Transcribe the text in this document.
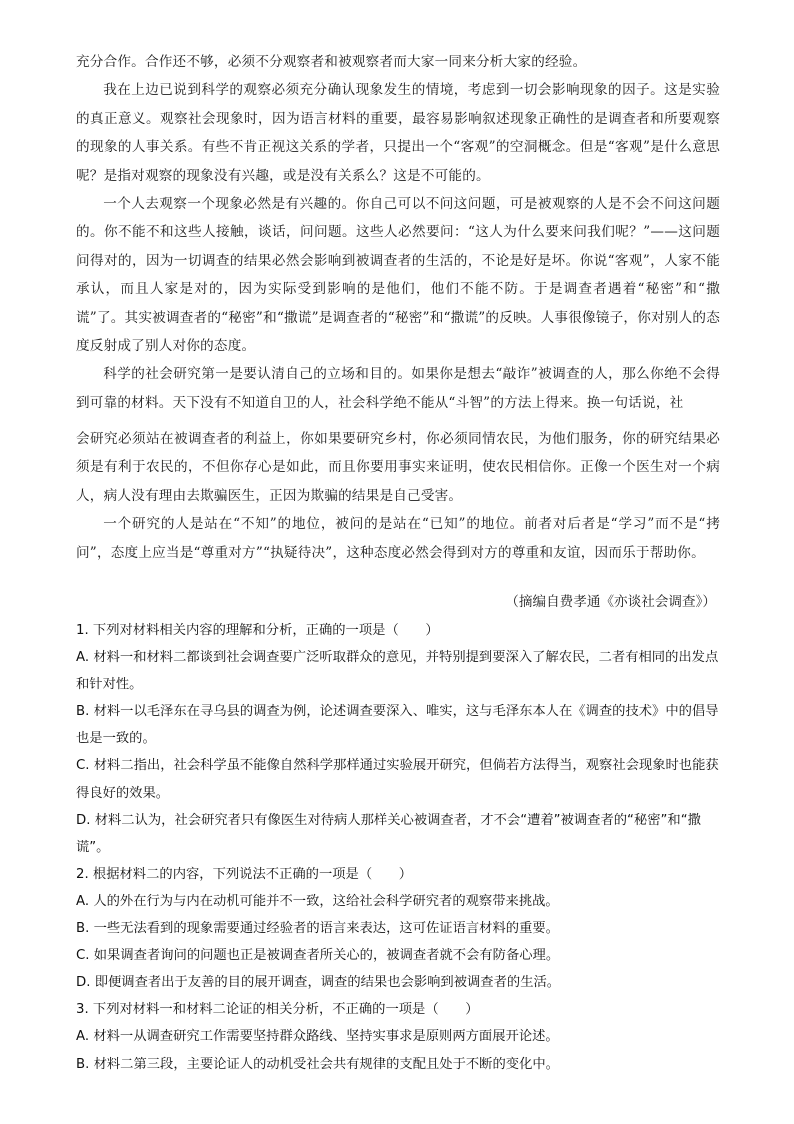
充分合作。合作还不够，必须不分观察者和被观察者而大家一同来分析大家的经验。

我在上边已说到科学的观察必须充分确认现象发生的情境，考虑到一切会影响现象的因子。这是实验的真正意义。观察社会现象时，因为语言材料的重要，最容易影响叙述现象正确性的是调查者和所要观察的现象的人事关系。有些不肯正视这关系的学者，只提出一个“客观”的空洞概念。但是“客观”是什么意思呢？是指对观察的现象没有兴趣，或是没有关系么？这是不可能的。

一个人去观察一个现象必然是有兴趣的。你自己可以不问这问题，可是被观察的人是不会不问这问题的。你不能不和这些人接触，谈话，问问题。这些人必然要问：“这人为什么要来问我们呢？”——这问题问得对的，因为一切调查的结果必然会影响到被调查者的生活的，不论是好是坏。你说“客观”，人家不能承认，而且人家是对的，因为实际受到影响的是他们，他们不能不防。于是调查者遇着“秘密”和“撒谎”了。其实被调查者的“秘密”和“撒谎”是调查者的“秘密”和“撒谎”的反映。人事很像镜子，你对别人的态度反射成了别人对你的态度。

科学的社会研究第一是要认清自己的立场和目的。如果你是想去“敲诈”被调查的人，那么你绝不会得到可靠的材料。天下没有不知道自卫的人，社会科学绝不能从“斗智”的方法上得来。换一句话说，社

会研究必须站在被调查者的利益上，你如果要研究乡村，你必须同情农民，为他们服务，你的研究结果必须是有利于农民的，不但你存心是如此，而且你要用事实来证明，使农民相信你。正像一个医生对一个病人，病人没有理由去欺骗医生，正因为欺骗的结果是自己受害。

一个研究的人是站在“不知”的地位，被问的是站在“已知”的地位。前者对后者是“学习”而不是“拷问”，态度上应当是“尊重对方”“执疑待决”，这种态度必然会得到对方的尊重和友谊，因而乐于帮助你。

（摘编自费孝通《亦谈社会调查》）

1. 下列对材料相关内容的理解和分析，正确的一项是（　　）

A. 材料一和材料二都谈到社会调查要广泛听取群众的意见，并特别提到要深入了解农民，二者有相同的出发点和针对性。

B. 材料一以毛泽东在寻乌县的调查为例，论述调查要深入、唯实，这与毛泽东本人在《调查的技术》中的倡导也是一致的。

C. 材料二指出，社会科学虽不能像自然科学那样通过实验展开研究，但倘若方法得当，观察社会现象时也能获得良好的效果。

D. 材料二认为，社会研究者只有像医生对待病人那样关心被调查者，才不会“遭着”被调查者的“秘密”和“撒谎”。

2. 根据材料二的内容，下列说法不正确的一项是（　　）

A. 人的外在行为与内在动机可能并不一致，这给社会科学研究者的观察带来挑战。

B. 一些无法看到的现象需要通过经验者的语言来表达，这可佐证语言材料的重要。

C. 如果调查者询问的问题也正是被调查者所关心的，被调查者就不会有防备心理。

D. 即便调查者出于友善的目的展开调查，调查的结果也会影响到被调查者的生活。

3. 下列对材料一和材料二论证的相关分析，不正确的一项是（　　）

A. 材料一从调查研究工作需要坚持群众路线、坚持实事求是原则两方面展开论述。

B. 材料二第三段，主要论证人的动机受社会共有规律的支配且处于不断的变化中。
